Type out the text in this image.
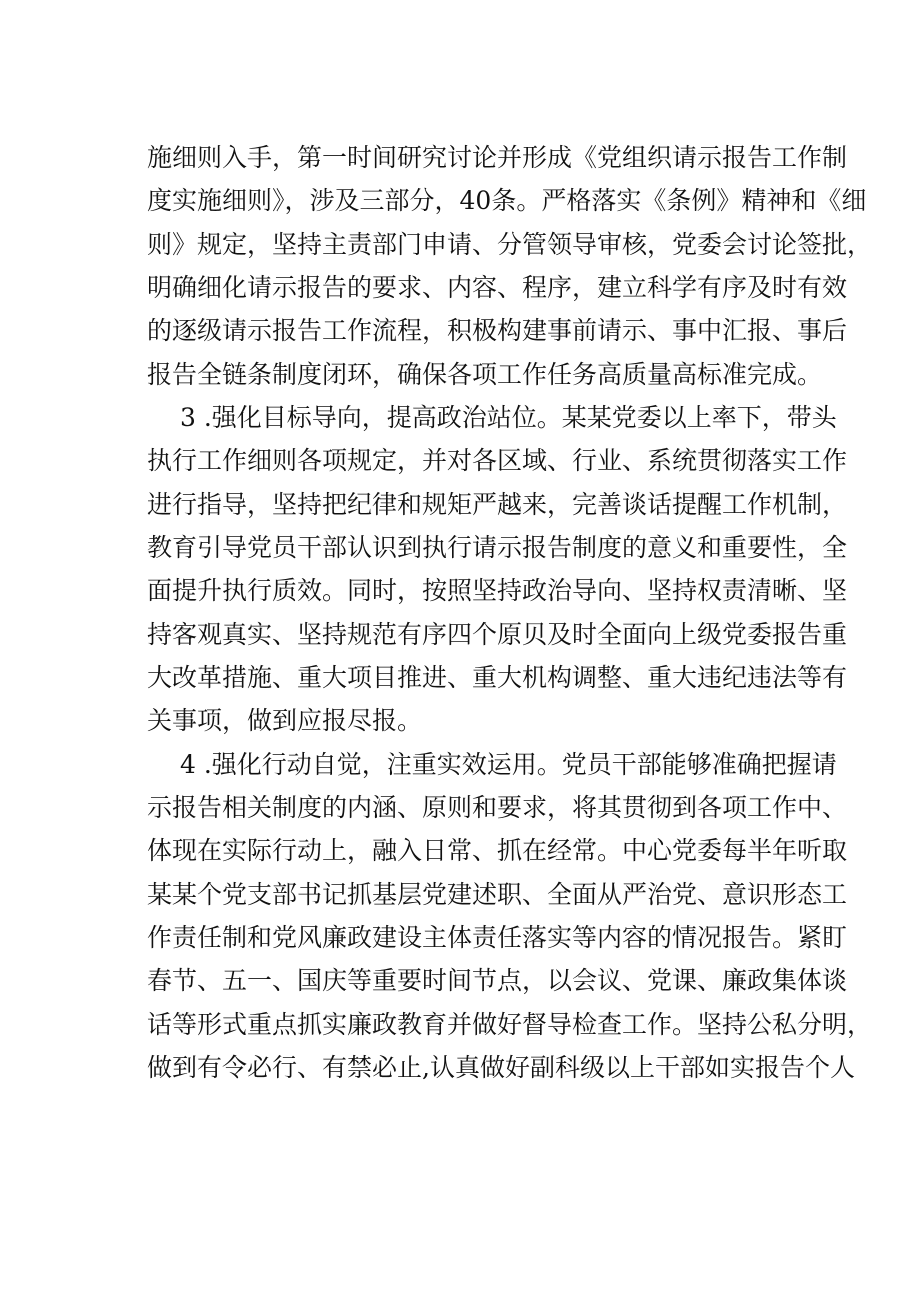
施细则入手，第一时间研究讨论并形成《党组织请示报告工作制
度实施细则》，涉及三部分，40条。严格落实《条例》精神和《细
则》规定，坚持主责部门申请、分管领导审核，党委会讨论签批，
明确细化请示报告的要求、内容、程序，建立科学有序及时有效
的逐级请示报告工作流程，积极构建事前请示、事中汇报、事后
报告全链条制度闭环，确保各项工作任务高质量高标准完成。
3 .强化目标导向，提高政治站位。某某党委以上率下，带头
执行工作细则各项规定，并对各区域、行业、系统贯彻落实工作
进行指导，坚持把纪律和规矩严越来，完善谈话提醒工作机制，
教育引导党员干部认识到执行请示报告制度的意义和重要性，全
面提升执行质效。同时，按照坚持政治导向、坚持权责清晰、坚
持客观真实、坚持规范有序四个原贝及时全面向上级党委报告重
大改革措施、重大项目推进、重大机构调整、重大违纪违法等有
关事项，做到应报尽报。
4 .强化行动自觉，注重实效运用。党员干部能够准确把握请
示报告相关制度的内涵、原则和要求，将其贯彻到各项工作中、
体现在实际行动上，融入日常、抓在经常。中心党委每半年听取
某某个党支部书记抓基层党建述职、全面从严治党、意识形态工
作责任制和党风廉政建设主体责任落实等内容的情况报告。紧盯
春节、五一、国庆等重要时间节点，以会议、党课、廉政集体谈
话等形式重点抓实廉政教育并做好督导检查工作。坚持公私分明，
做到有令必行、有禁必止,认真做好副科级以上干部如实报告个人
